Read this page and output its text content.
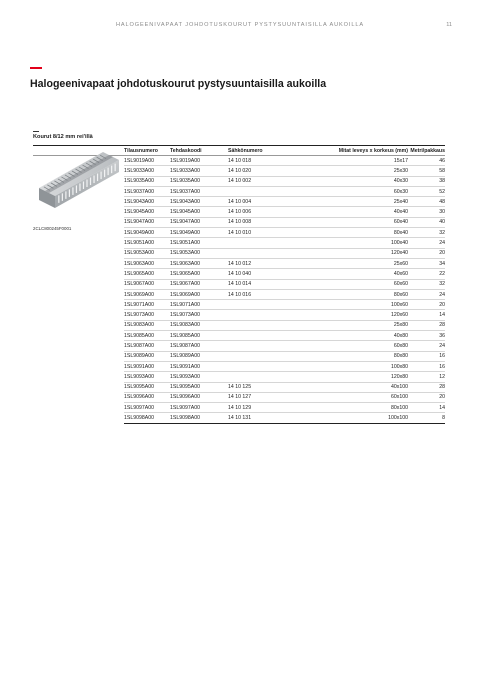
HALOGEENIVAPAAT JOHDOTUSKOURUT PYSTYSUUNTAISILLA AUKOILLA	11
Halogeenivapaat johdotuskourut pystysuuntaisilla aukoilla
Kourut 8/12 mm rei'illä
	Tilausnumero	Tehdaskoodi	Sähkönumero	Mitat leveys x korkeus (mm)	Metri/pakkaus

2CLC800245F0001	1SL9019A00	1SL9019A00	14 10 018	15x17	46
	1SL9033A00	1SL9033A00	14 10 020	25x30	58
	1SL9035A00	1SL9035A00	14 10 002	40x30	38
	1SL9037A00	1SL9037A00		60x30	52
	1SL9043A00	1SL9043A00	14 10 004	25x40	48
	1SL9045A00	1SL9045A00	14 10 006	40x40	30
	1SL9047A00	1SL9047A00	14 10 008	60x40	40
	1SL9049A00	1SL9049A00	14 10 010	80x40	32
	1SL9051A00	1SL9051A00		100x40	24
	1SL9053A00	1SL9053A00		120x40	20
	1SL9063A00	1SL9063A00	14 10 012	25x60	34
	1SL9065A00	1SL9065A00	14 10 040	40x60	22
	1SL9067A00	1SL9067A00	14 10 014	60x60	32
	1SL9069A00	1SL9069A00	14 10 016	80x60	24
	1SL9071A00	1SL9071A00		100x60	20
	1SL9073A00	1SL9073A00		120x60	14
	1SL9083A00	1SL9083A00		25x80	28
	1SL9085A00	1SL9085A00		40x80	36
	1SL9087A00	1SL9087A00		60x80	24
	1SL9089A00	1SL9089A00		80x80	16
	1SL9091A00	1SL9091A00		100x80	16
	1SL9093A00	1SL9093A00		120x80	12
	1SL9095A00	1SL9095A00	14 10 125	40x100	28
	1SL9096A00	1SL9096A00	14 10 127	60x100	20
	1SL9097A00	1SL9097A00	14 10 129	80x100	14
	1SL9098A00	1SL9098A00	14 10 131	100x100	8
